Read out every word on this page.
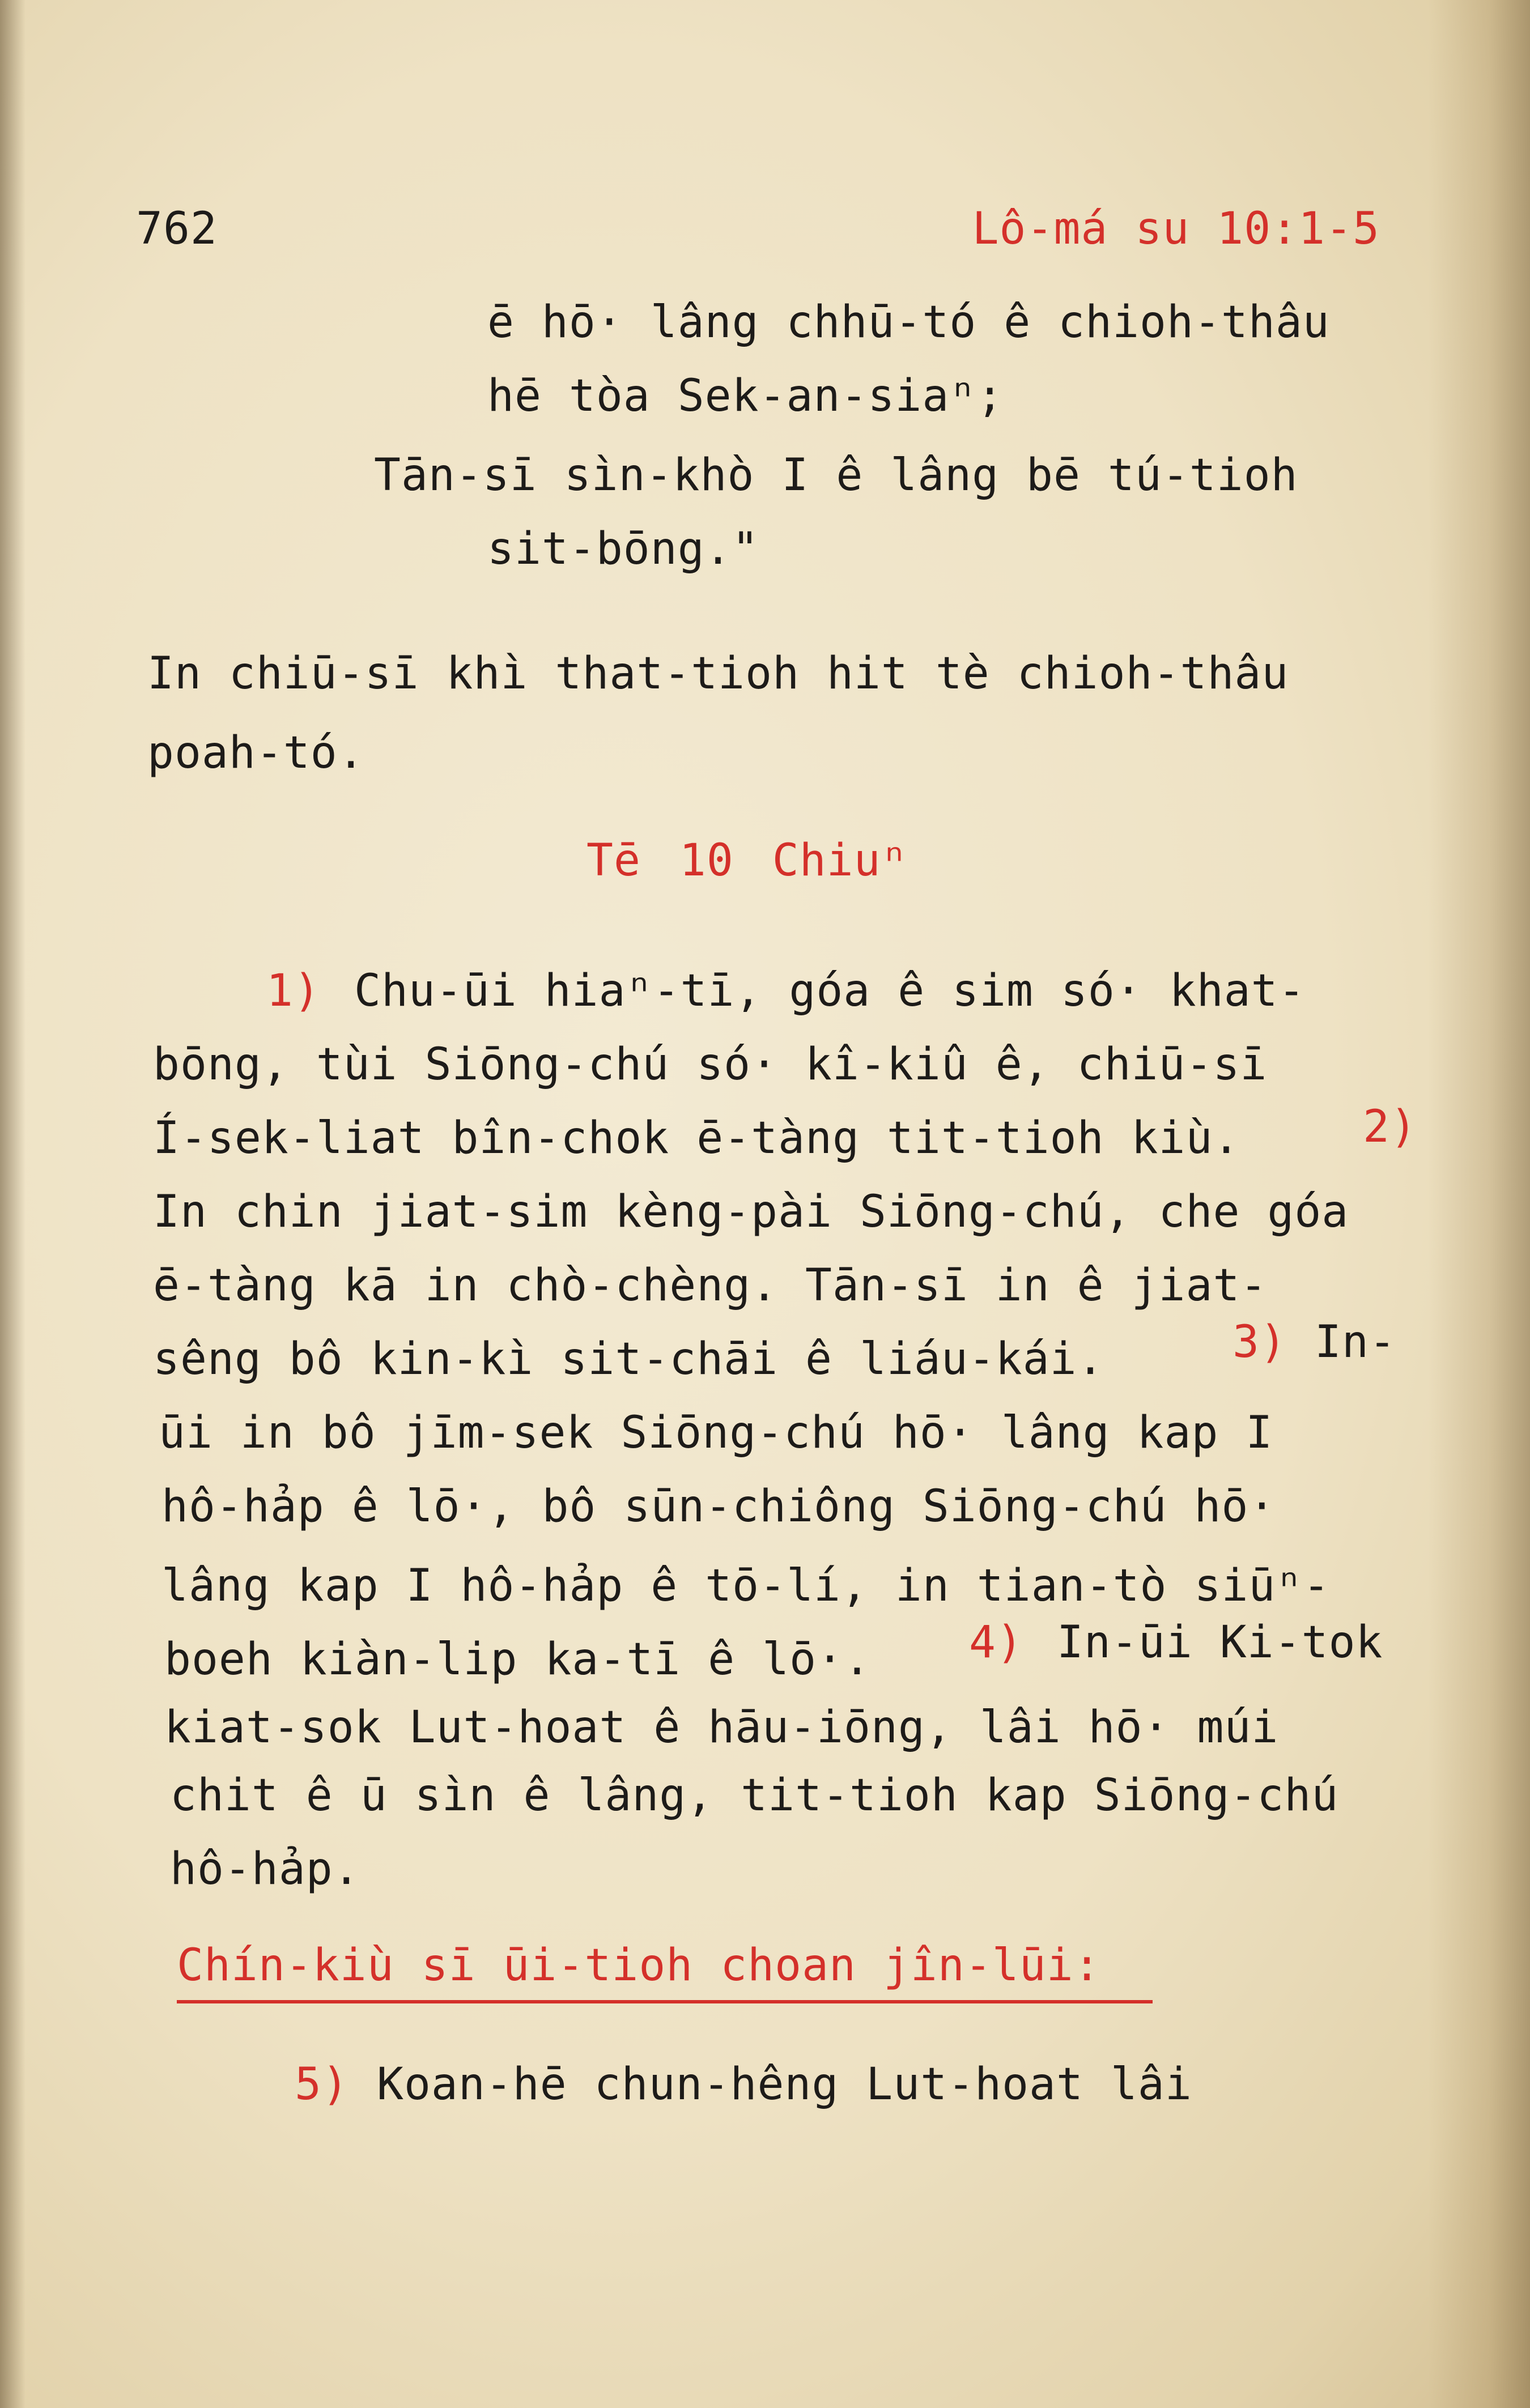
762	Lô-má su 10:1-5
ē hō· lâng chhū-tó ê chioh-thâu
hē tòa Sek-an-siaⁿ;
Tān-sī sìn-khò I ê lâng bē tú-tioh
sit-bōng."
In chiū-sī khì that-tioh hit tè chioh-thâu
poah-tó.
Tē 10 Chiuⁿ
1) Chu-ūi hiaⁿ-tī, góa ê sim só· khat-
bōng, tùi Siōng-chú só· kî-kiû ê, chiū-sī
Í-sek-liat bîn-chok ē-tàng tit-tioh kiù.	2)
In chin jiat-sim kèng-pài Siōng-chú, che góa
ē-tàng kā in chò-chèng. Tān-sī in ê jiat-
sêng bô kin-kì sit-chāi ê liáu-kái.	3) In-
ūi in bô jīm-sek Siōng-chú hō· lâng kap I
hô-hảp ê lō·, bô sūn-chiông Siōng-chú hō·
lâng kap I hô-hảp ê tō-lí, in tian-tò siūⁿ-
boeh kiàn-lip ka-tī ê lō·. 4) In-ūi Ki-tok
kiat-sok Lut-hoat ê hāu-iōng, lâi hō· múi
chit ê ū sìn ê lâng, tit-tioh kap Siōng-chú
hô-hảp.
Chín-kiù sī ūi-tioh choan jîn-lūi:
5) Koan-hē chun-hêng Lut-hoat lâi
